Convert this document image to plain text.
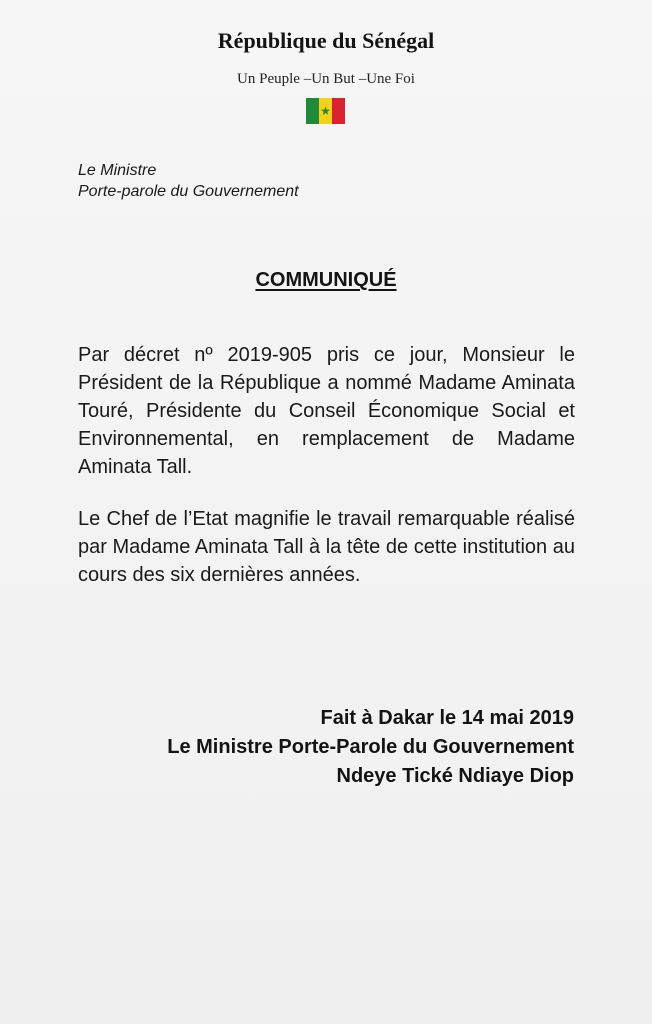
République du Sénégal
Un Peuple –Un But –Une Foi
★
Le Ministre
Porte-parole du Gouvernement
COMMUNIQUÉ
Par décret nº 2019-905 pris ce jour, Monsieur le Président de la République a nommé Madame Aminata Touré, Présidente du Conseil Économique Social et Environnemental, en remplacement de Madame Aminata Tall.
Le Chef de l’Etat magnifie le travail remarquable réalisé par Madame Aminata Tall à la tête de cette institution au cours des six dernières années.
Fait à Dakar le 14 mai 2019
Le Ministre Porte-Parole du Gouvernement
Ndeye Tické Ndiaye Diop
